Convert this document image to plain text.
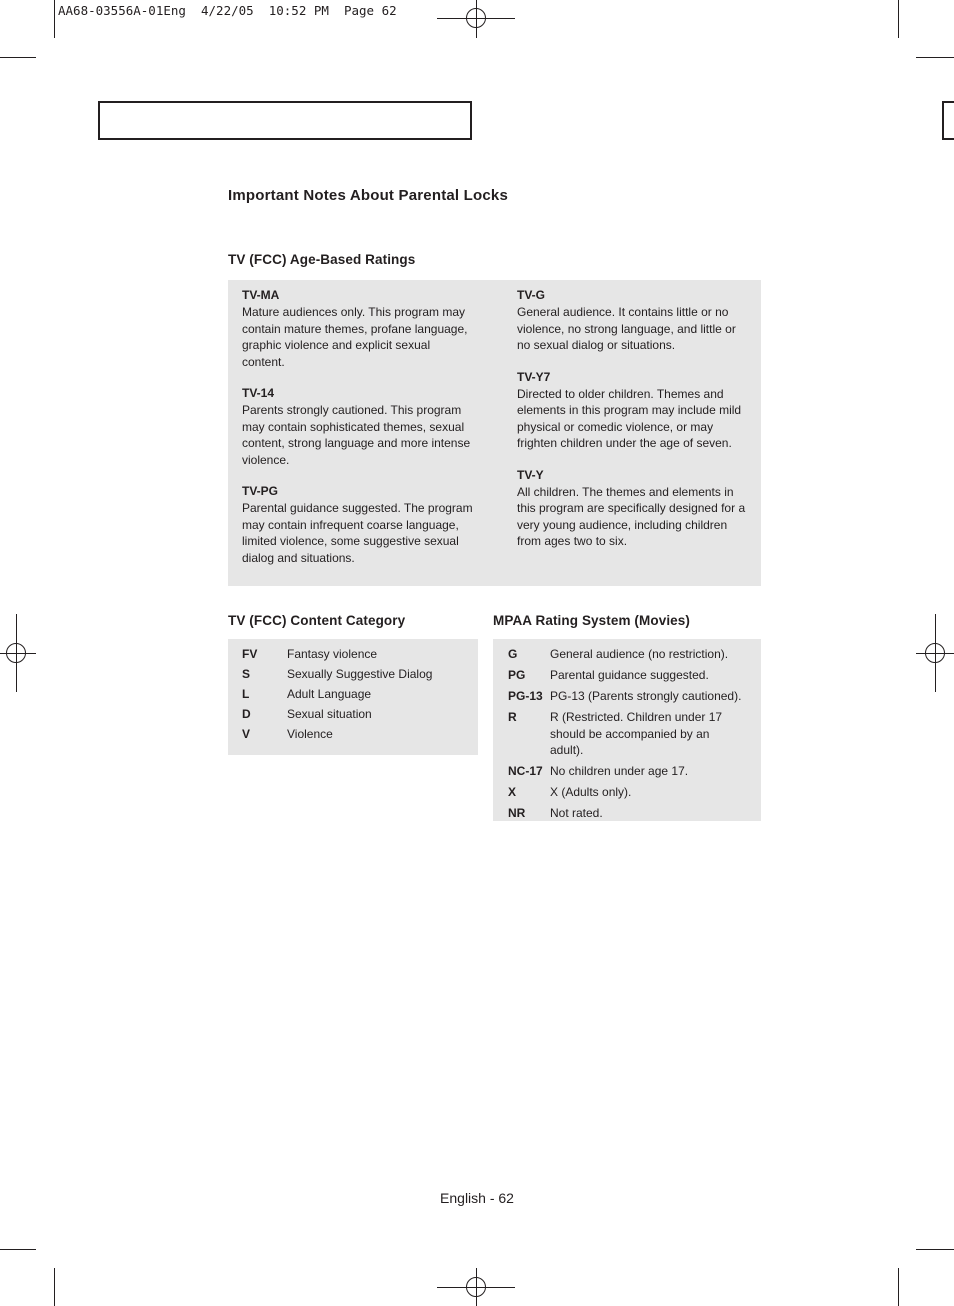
AA68-03556A-01Eng  4/22/05  10:52 PM  Page 62
Important Notes About Parental Locks
TV (FCC) Age-Based Ratings
TV-MA
Mature audiences only. This program may contain mature themes, profane language, graphic violence and explicit sexual content.
TV-14
Parents strongly cautioned. This program may contain sophisticated themes, sexual content, strong language and more intense violence.
TV-PG
Parental guidance suggested. The program may contain infrequent coarse language, limited violence, some suggestive sexual dialog and situations.
TV-G
General audience. It contains little or no violence, no strong language, and little or no sexual dialog or situations.
TV-Y7
Directed to older children. Themes and elements in this program may include mild physical or comedic violence, or may frighten children under the age of seven.
TV-Y
All children. The themes and elements in this program are specifically designed for a very young audience, including children from ages two to six.
TV (FCC) Content Category
FV	Fantasy violence
S	Sexually Suggestive Dialog
L	Adult Language
D	Sexual situation
V	Violence
MPAA Rating System (Movies)
G	General audience (no restriction).
PG	Parental guidance suggested.
PG-13 PG-13 (Parents strongly cautioned).
R	R (Restricted. Children under 17 should be accompanied by an adult).
NC-17 No children under age 17.
X	X (Adults only).
NR	Not rated.
English - 62
